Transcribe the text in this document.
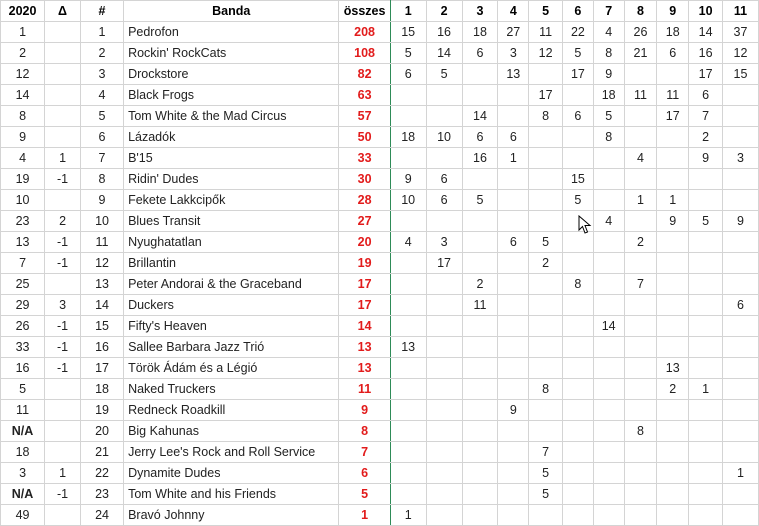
2020	Δ	#	Banda	összes	1	2	3	4	5	6	7	8	9	10	11
1		1	Pedrofon	208	15	16	18	27	11	22	4	26	18	14	37
2		2	Rockin' RockCats	108	5	14	6	3	12	5	8	21	6	16	12
12		3	Drockstore	82	6	5		13		17	9			17	15
14		4	Black Frogs	63					17		18	11	11	6	
8		5	Tom White & the Mad Circus	57			14		8	6	5		17	7	
9		6	Lázadók	50	18	10	6	6			8			2	
4	1	7	B'15	33			16	1				4		9	3
19	-1	8	Ridin' Dudes	30	9	6				15					
10		9	Fekete Lakkcipők	28	10	6	5			5		1	1		
23	2	10	Blues Transit	27							4		9	5	9
13	-1	11	Nyughatatlan	20	4	3		6	5			2			
7	-1	12	Brillantin	19		17			2						
25		13	Peter Andorai & the Graceband	17			2			8		7			
29	3	14	Duckers	17			11								6
26	-1	15	Fifty's Heaven	14							14				
33	-1	16	Sallee Barbara Jazz Trió	13	13										
16	-1	17	Török Ádám és a Légió	13									13		
5		18	Naked Truckers	11					8				2	1	
11		19	Redneck Roadkill	9				9							
N/A		20	Big Kahunas	8								8			
18		21	Jerry Lee's Rock and Roll Service	7					7						
3	1	22	Dynamite Dudes	6					5						1
N/A	-1	23	Tom White and his Friends	5					5						
49		24	Bravó Johnny	1	1										
